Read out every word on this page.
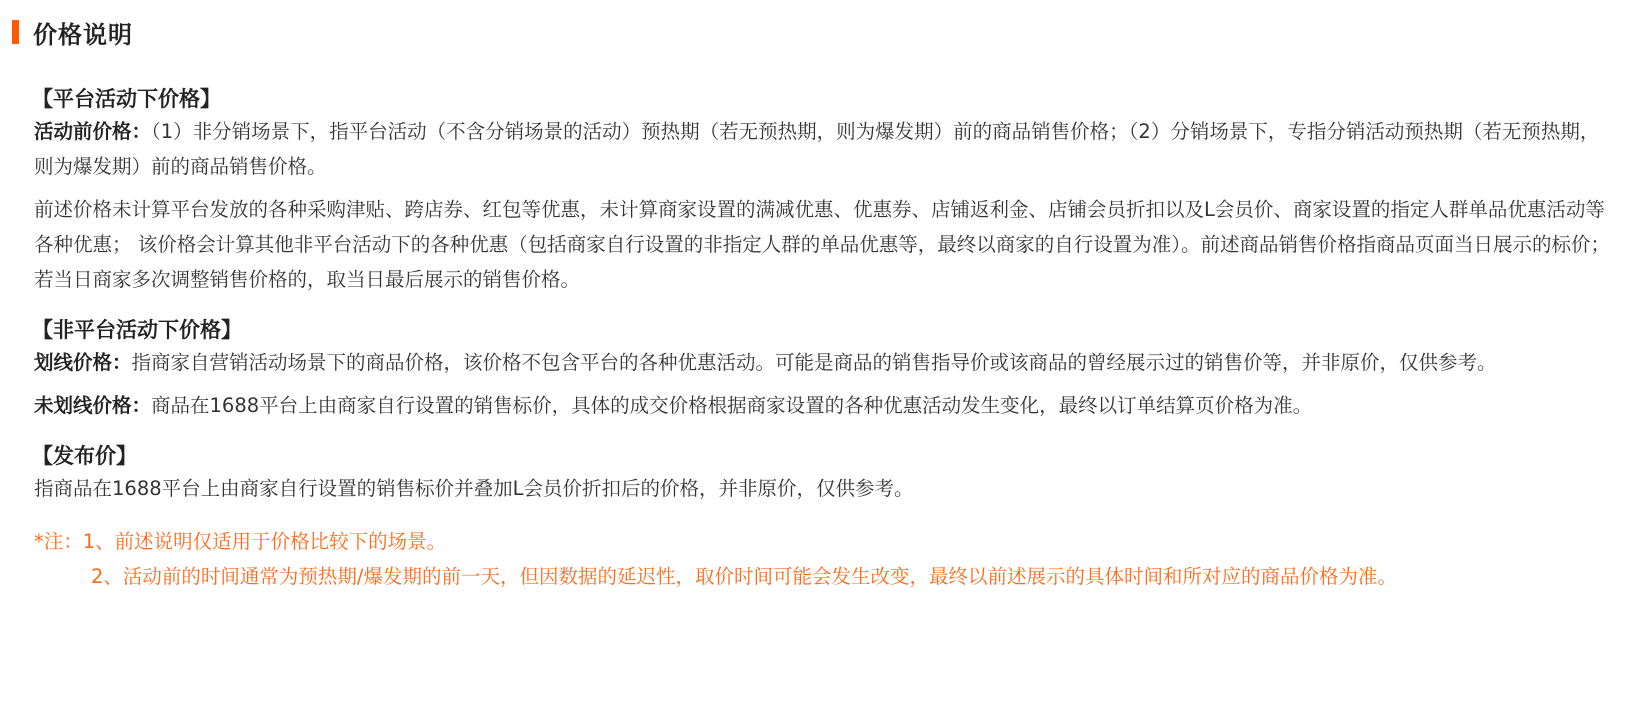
价格说明
【平台活动下价格】
活动前价格：（1）非分销场景下，指平台活动（不含分销场景的活动）预热期（若无预热期，则为爆发期）前的商品销售价格；（2）分销场景下，专指分销活动预热期（若无预热期，则为爆发期）前的商品销售价格。
前述价格未计算平台发放的各种采购津贴、跨店券、红包等优惠，未计算商家设置的满减优惠、优惠券、店铺返利金、店铺会员折扣以及L会员价、商家设置的指定人群单品优惠活动等各种优惠； 该价格会计算其他非平台活动下的各种优惠（包括商家自行设置的非指定人群的单品优惠等，最终以商家的自行设置为准）。前述商品销售价格指商品页面当日展示的标价；若当日商家多次调整销售价格的，取当日最后展示的销售价格。
【非平台活动下价格】
划线价格：指商家自营销活动场景下的商品价格，该价格不包含平台的各种优惠活动。可能是商品的销售指导价或该商品的曾经展示过的销售价等，并非原价，仅供参考。
未划线价格：商品在1688平台上由商家自行设置的销售标价，具体的成交价格根据商家设置的各种优惠活动发生变化，最终以订单结算页价格为准。
【发布价】
指商品在1688平台上由商家自行设置的销售标价并叠加L会员价折扣后的价格，并非原价，仅供参考。
*注：1、前述说明仅适用于价格比较下的场景。
2、活动前的时间通常为预热期/爆发期的前一天，但因数据的延迟性，取价时间可能会发生改变，最终以前述展示的具体时间和所对应的商品价格为准。
